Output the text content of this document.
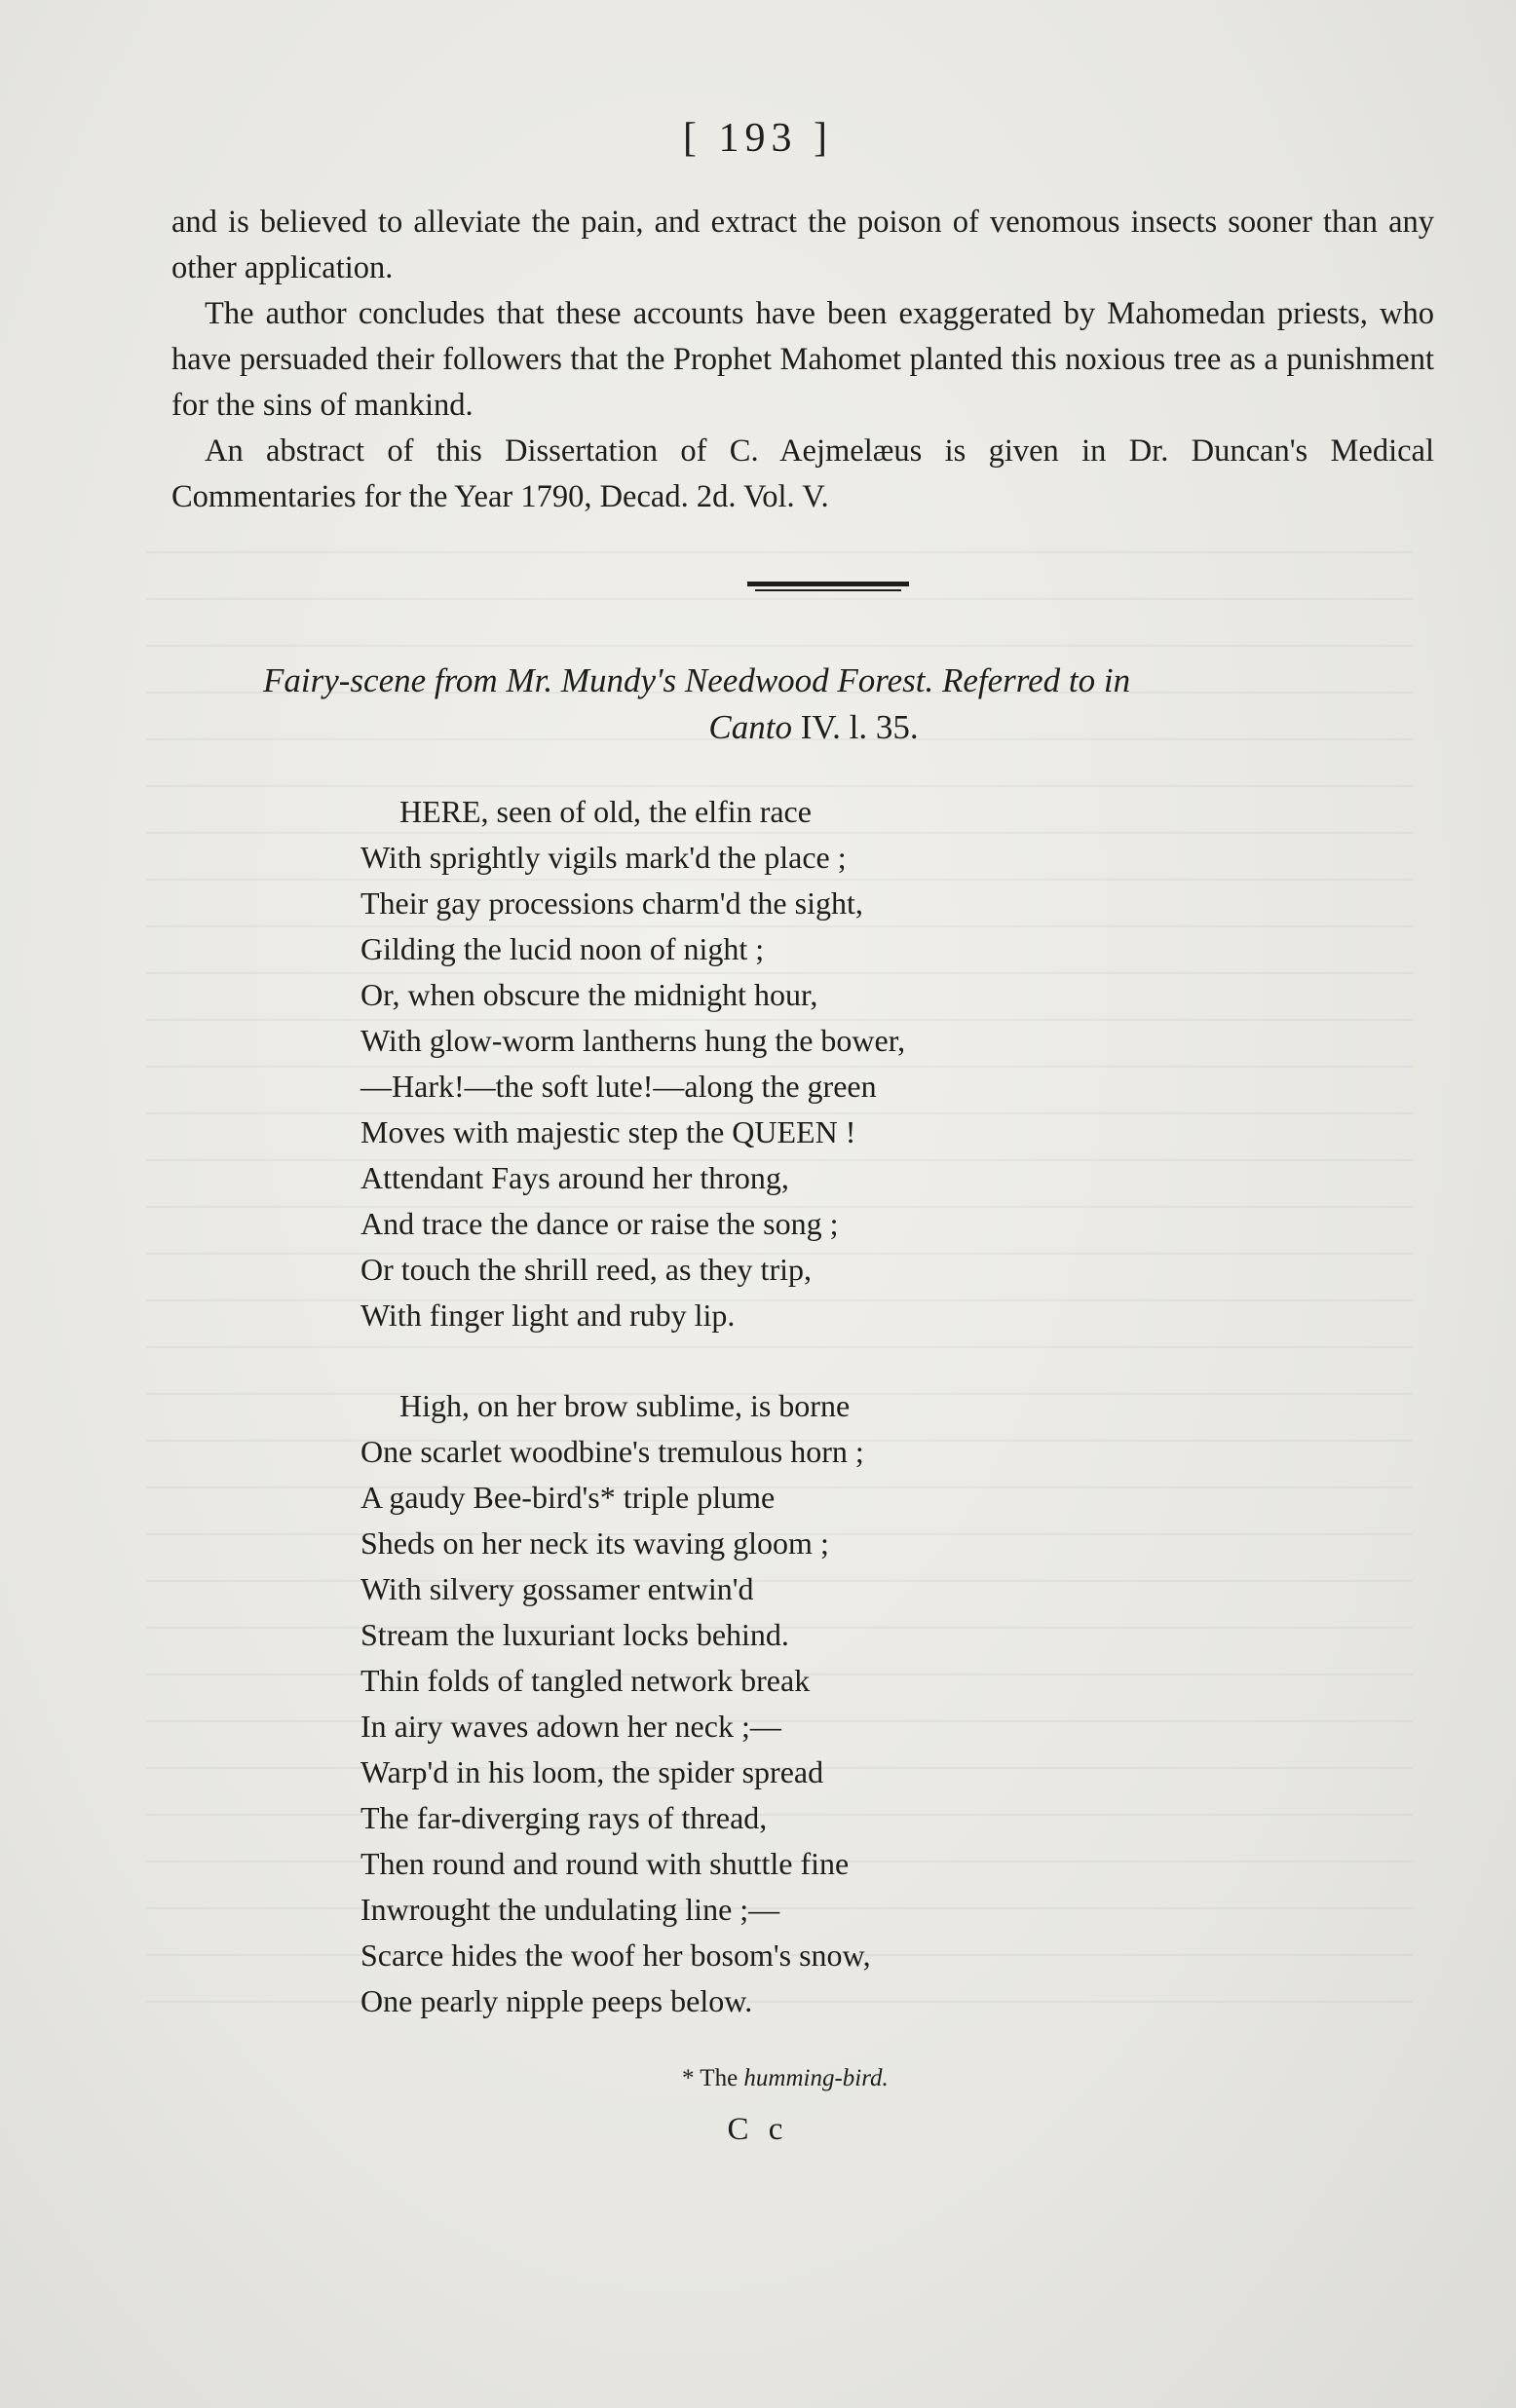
[ 193 ]

and is believed to alleviate the pain, and extract the poison of venomous insects sooner than any other application.

The author concludes that these accounts have been exaggerated by Mahomedan priests, who have persuaded their followers that the Prophet Mahomet planted this noxious tree as a punishment for the sins of mankind.

An abstract of this Dissertation of C. Aejmelæus is given in Dr. Duncan's Medical Commentaries for the Year 1790, Decad. 2d. Vol. V.

Fairy-scene from Mr. Mundy's Needwood Forest. Referred to in
Canto IV. l. 35.
HERE, seen of old, the elfin race
With sprightly vigils mark'd the place ;
Their gay processions charm'd the sight,
Gilding the lucid noon of night ;
Or, when obscure the midnight hour,
With glow-worm lantherns hung the bower,
—Hark!—the soft lute!—along the green
Moves with majestic step the QUEEN !
Attendant Fays around her throng,
And trace the dance or raise the song ;
Or touch the shrill reed, as they trip,
With finger light and ruby lip.
High, on her brow sublime, is borne
One scarlet woodbine's tremulous horn ;
A gaudy Bee-bird's* triple plume
Sheds on her neck its waving gloom ;
With silvery gossamer entwin'd
Stream the luxuriant locks behind.
Thin folds of tangled network break
In airy waves adown her neck ;—
Warp'd in his loom, the spider spread
The far-diverging rays of thread,
Then round and round with shuttle fine
Inwrought the undulating line ;—
Scarce hides the woof her bosom's snow,
One pearly nipple peeps below.
* The humming-bird.
C c
